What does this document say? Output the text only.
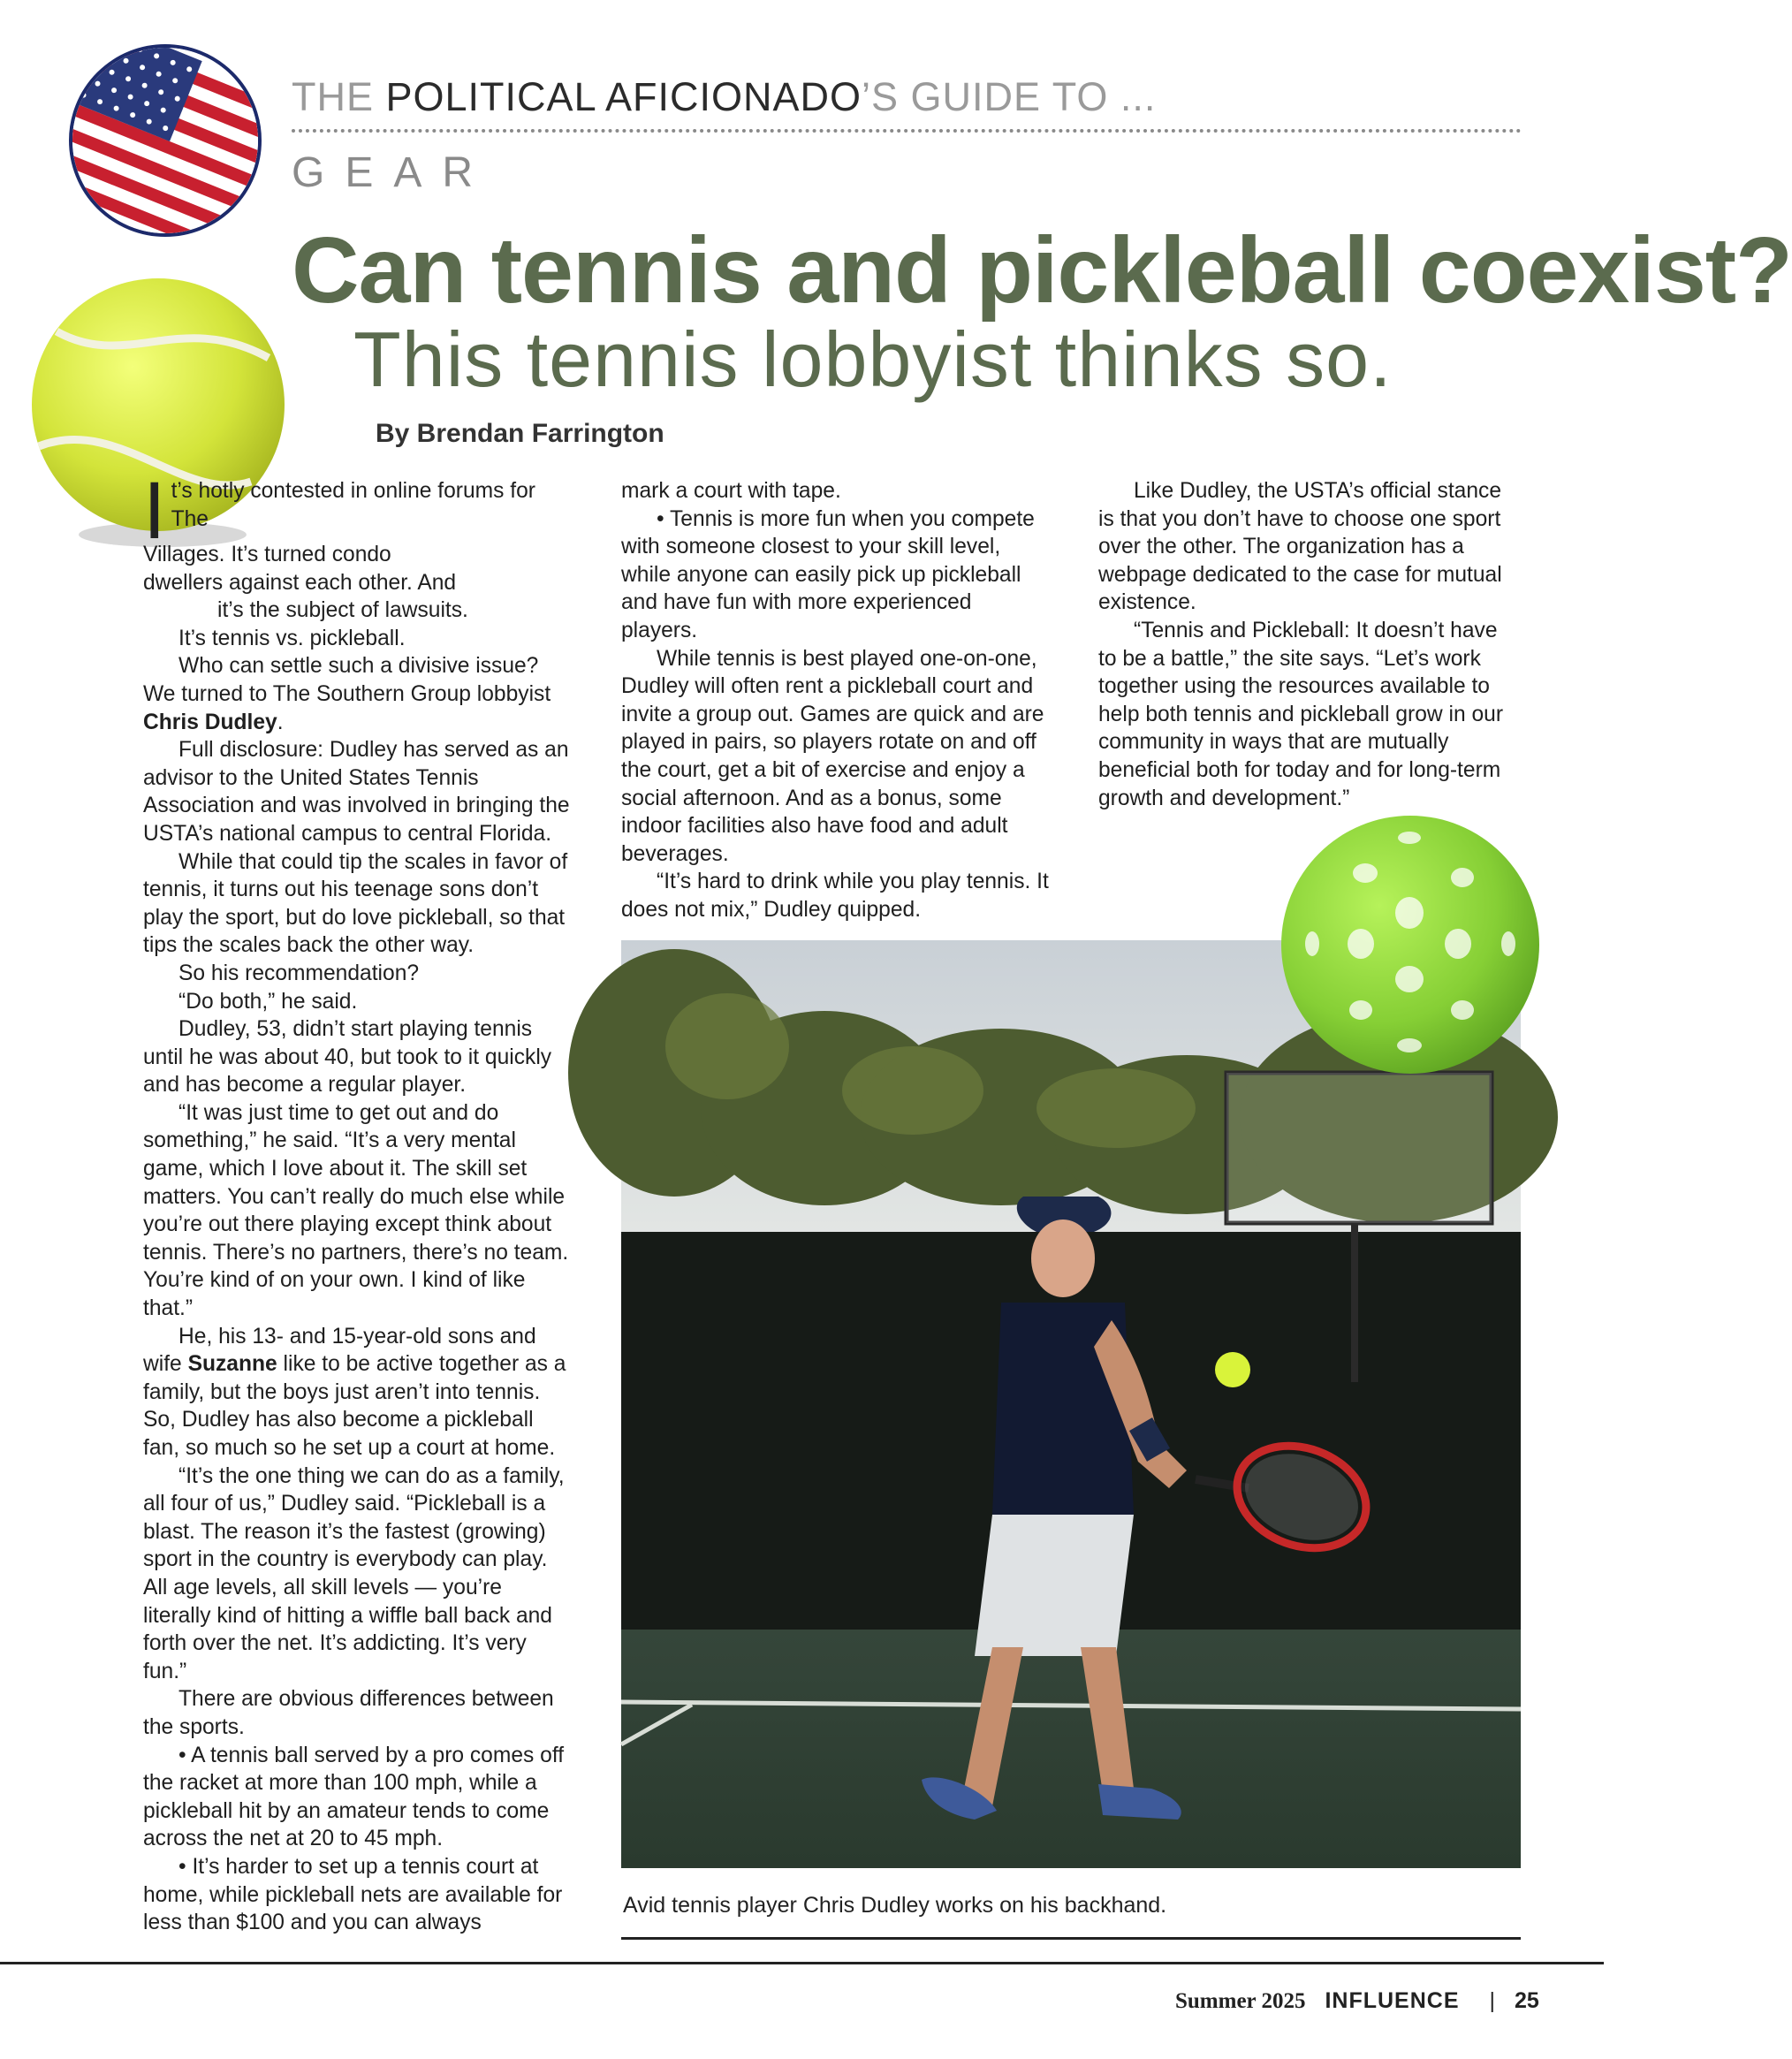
THE POLITICAL AFICIONADO’S GUIDE TO ...
GEAR
Can tennis and pickleball coexist?
This tennis lobbyist thinks so.
By Brendan Farrington

It’s hotly contested in online forums for The

Villages. It’s turned condo

dwellers against each other. And

it’s the subject of lawsuits.

It’s tennis vs. pickleball.

Who can settle such a divisive issue? We turned to The Southern Group lobbyist Chris Dudley.

Full disclosure: Dudley has served as an advisor to the United States Tennis Association and was involved in bringing the USTA’s national campus to central Florida.

While that could tip the scales in favor of tennis, it turns out his teenage sons don’t play the sport, but do love pickleball, so that tips the scales back the other way.

So his recommendation?

“Do both,” he said.

Dudley, 53, didn’t start playing tennis until he was about 40, but took to it quickly and has become a regular player.

“It was just time to get out and do something,” he said. “It’s a very mental game, which I love about it. The skill set matters. You can’t really do much else while you’re out there playing except think about tennis. There’s no partners, there’s no team. You’re kind of on your own. I kind of like that.”

He, his 13- and 15-year-old sons and wife Suzanne like to be active together as a family, but the boys just aren’t into tennis. So, Dudley has also become a pickleball fan, so much so he set up a court at home.

“It’s the one thing we can do as a family, all four of us,” Dudley said. “Pickleball is a blast. The reason it’s the fastest (growing) sport in the country is everybody can play. All age levels, all skill levels — you’re literally kind of hitting a wiffle ball back and forth over the net. It’s addicting. It’s very fun.”

There are obvious differences between the sports.

• A tennis ball served by a pro comes off the racket at more than 100 mph, while a pickleball hit by an amateur tends to come across the net at 20 to 45 mph.

• It’s harder to set up a tennis court at home, while pickleball nets are available for less than $100 and you can always

mark a court with tape.

• Tennis is more fun when you compete with someone closest to your skill level, while anyone can easily pick up pickleball and have fun with more experienced players.

While tennis is best played one-on-one, Dudley will often rent a pickleball court and invite a group out. Games are quick and are played in pairs, so players rotate on and off the court, get a bit of exercise and enjoy a social afternoon. And as a bonus, some indoor facilities also have food and adult beverages.

“It’s hard to drink while you play tennis. It does not mix,” Dudley quipped.

Like Dudley, the USTA’s official stance is that you don’t have to choose one sport over the other. The organization has a webpage dedicated to the case for mutual existence.

“Tennis and Pickleball: It doesn’t have to be a battle,” the site says. “Let’s work together using the resources available to help both tennis and pickleball grow in our community in ways that are mutually beneficial both for today and for long-term growth and development.”

Avid tennis player Chris Dudley works on his backhand.
Summer 2025 INFLUENCE | 25
